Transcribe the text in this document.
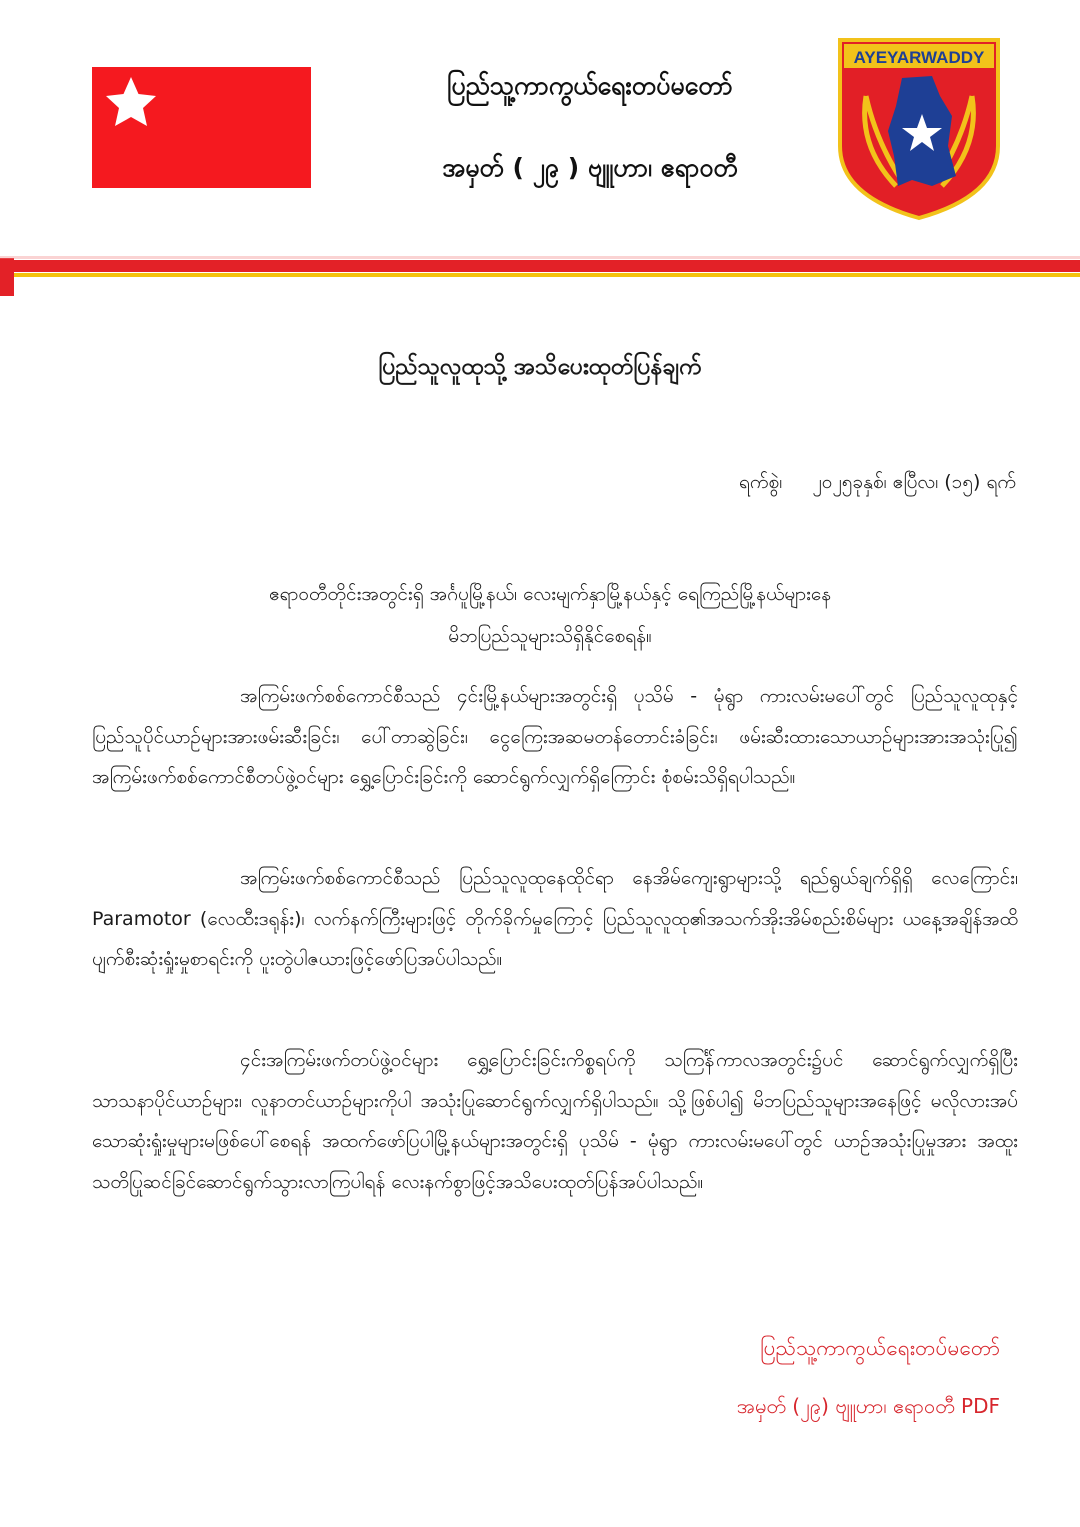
ပြည်သူ့ကာကွယ်ရေးတပ်မတော်
အမှတ် ( ၂၉ ) ဗျူဟာ၊ ဧရာဝတီ
AYEYARWADDY
ပြည်သူလူထုသို့ အသိပေးထုတ်ပြန်ချက်
ရက်စွဲ၊     ၂၀၂၅ခုနှစ်၊ ဧပြီလ၊ (၁၅) ရက်
ဧရာဝတီတိုင်းအတွင်းရှိ အင်္ဂပူမြို့နယ်၊ လေးမျက်နှာမြို့နယ်နှင့် ရေကြည်မြို့နယ်များနေ
မိဘပြည်သူများသိရှိနိုင်စေရန်။

အကြမ်းဖက်စစ်ကောင်စီသည် ၄င်းမြို့နယ်များအတွင်းရှိ ပုသိမ် - မုံရွာ ကားလမ်းမပေါ်တွင် ပြည်သူလူထုနှင့် ပြည်သူပိုင်ယာဉ်များအားဖမ်းဆီးခြင်း၊ ပေါ်တာဆွဲခြင်း၊ ငွေကြေးအဆမတန်တောင်းခံခြင်း၊ ဖမ်းဆီးထားသောယာဉ်များအားအသုံးပြု၍ အကြမ်းဖက်စစ်ကောင်စီတပ်ဖွဲ့ဝင်များ ရွှေ့ပြောင်းခြင်းကို ဆောင်ရွက်လျှက်ရှိကြောင်း စုံစမ်းသိရှိရပါသည်။

အကြမ်းဖက်စစ်ကောင်စီသည် ပြည်သူလူထုနေထိုင်ရာ နေအိမ်ကျေးရွာများသို့ ရည်ရွယ်ချက်ရှိရှိ လေကြောင်း၊ Paramotor (လေထီးဒရုန်း)၊ လက်နက်ကြီးများဖြင့် တိုက်ခိုက်မှုကြောင့် ပြည်သူလူထု၏အသက်အိုးအိမ်စည်းစိမ်များ ယနေ့အချိန်အထိပျက်စီးဆုံးရှုံးမှုစာရင်းကို ပူးတွဲပါဇယားဖြင့်ဖော်ပြအပ်ပါသည်။

၄င်းအကြမ်းဖက်တပ်ဖွဲ့ဝင်များ ရွှေ့ပြောင်းခြင်းကိစ္စရပ်ကို သကြင်္န်ကာလအတွင်း၌ပင် ဆောင်ရွက်လျှက်ရှိပြီး သာသနာပိုင်ယာဉ်များ၊ လူနာတင်ယာဉ်များကိုပါ အသုံးပြုဆောင်ရွက်လျှက်ရှိပါသည်။ သို့ဖြစ်ပါ၍ မိဘပြည်သူများအနေဖြင့် မလိုလားအပ်သောဆုံးရှုံးမှုများမဖြစ်ပေါ်စေရန် အထက်ဖော်ပြပါမြို့နယ်များအတွင်းရှိ ပုသိမ် - မုံရွာ ကားလမ်းမပေါ်တွင် ယာဉ်အသုံးပြုမှုအား အထူးသတိပြုဆင်ခြင်ဆောင်ရွက်သွားလာကြပါရန် လေးနက်စွာဖြင့်အသိပေးထုတ်ပြန်အပ်ပါသည်။

ပြည်သူ့ကာကွယ်ရေးတပ်မတော်
အမှတ် (၂၉) ဗျူဟာ၊ ဧရာဝတီ PDF
